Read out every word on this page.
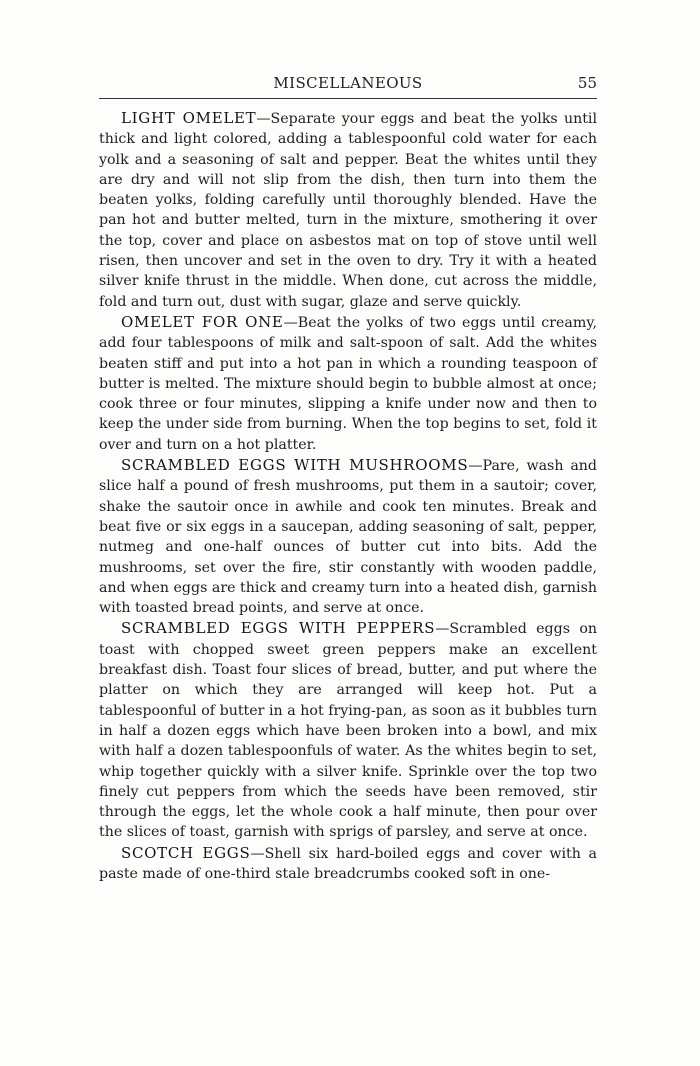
MISCELLANEOUS	55

LIGHT OMELET—Separate your eggs and beat the yolks until thick and light colored, adding a tablespoonful cold water for each yolk and a seasoning of salt and pepper. Beat the whites until they are dry and will not slip from the dish, then turn into them the beaten yolks, folding carefully until thoroughly blended. Have the pan hot and butter melted, turn in the mixture, smothering it over the top, cover and place on asbestos mat on top of stove until well risen, then uncover and set in the oven to dry. Try it with a heated silver knife thrust in the middle. When done, cut across the middle, fold and turn out, dust with sugar, glaze and serve quickly.

OMELET FOR ONE—Beat the yolks of two eggs until creamy, add four tablespoons of milk and salt-spoon of salt. Add the whites beaten stiff and put into a hot pan in which a rounding teaspoon of butter is melted. The mixture should begin to bubble almost at once; cook three or four minutes, slipping a knife under now and then to keep the under side from burning. When the top begins to set, fold it over and turn on a hot platter.

SCRAMBLED EGGS WITH MUSHROOMS—Pare, wash and slice half a pound of fresh mushrooms, put them in a sautoir; cover, shake the sautoir once in awhile and cook ten minutes. Break and beat five or six eggs in a saucepan, adding seasoning of salt, pepper, nutmeg and one-half ounces of butter cut into bits. Add the mushrooms, set over the fire, stir constantly with wooden paddle, and when eggs are thick and creamy turn into a heated dish, garnish with toasted bread points, and serve at once.

SCRAMBLED EGGS WITH PEPPERS—Scrambled eggs on toast with chopped sweet green peppers make an excellent breakfast dish. Toast four slices of bread, butter, and put where the platter on which they are arranged will keep hot. Put a tablespoonful of butter in a hot frying-pan, as soon as it bubbles turn in half a dozen eggs which have been broken into a bowl, and mix with half a dozen tablespoonfuls of water. As the whites begin to set, whip together quickly with a silver knife. Sprinkle over the top two finely cut peppers from which the seeds have been removed, stir through the eggs, let the whole cook a half minute, then pour over the slices of toast, garnish with sprigs of parsley, and serve at once.

SCOTCH EGGS—Shell six hard-boiled eggs and cover with a paste made of one-third stale breadcrumbs cooked soft in one-
